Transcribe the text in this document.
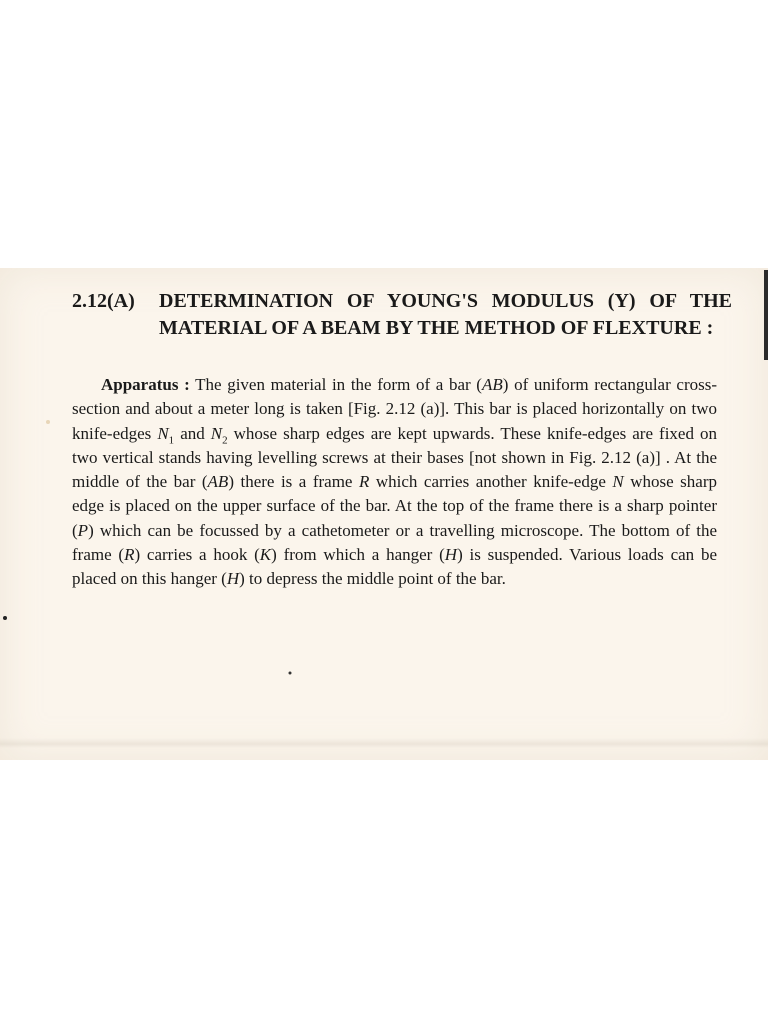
2.12(A) DETERMINATION OF YOUNG'S MODULUS (Y) OF THE MATERIAL OF A BEAM BY THE METHOD OF FLEXTURE :

Apparatus : The given material in the form of a bar (AB) of uniform rectangular cross-section and about a meter long is taken [Fig. 2.12 (a)]. This bar is placed horizontally on two knife-edges $N_1$ and $N_2$ whose sharp edges are kept upwards. These knife-edges are fixed on two vertical stands having levelling screws at their bases [not shown in Fig. 2.12 (a)] . At the middle of the bar (AB) there is a frame R which carries another knife-edge N whose sharp edge is placed on the upper surface of the bar. At the top of the frame there is a sharp pointer (P) which can be focussed by a cathetometer or a travelling microscope. The bottom of the frame (R) carries a hook (K) from which a hanger (H) is suspended. Various loads can be placed on this hanger (H) to depress the middle point of the bar.
